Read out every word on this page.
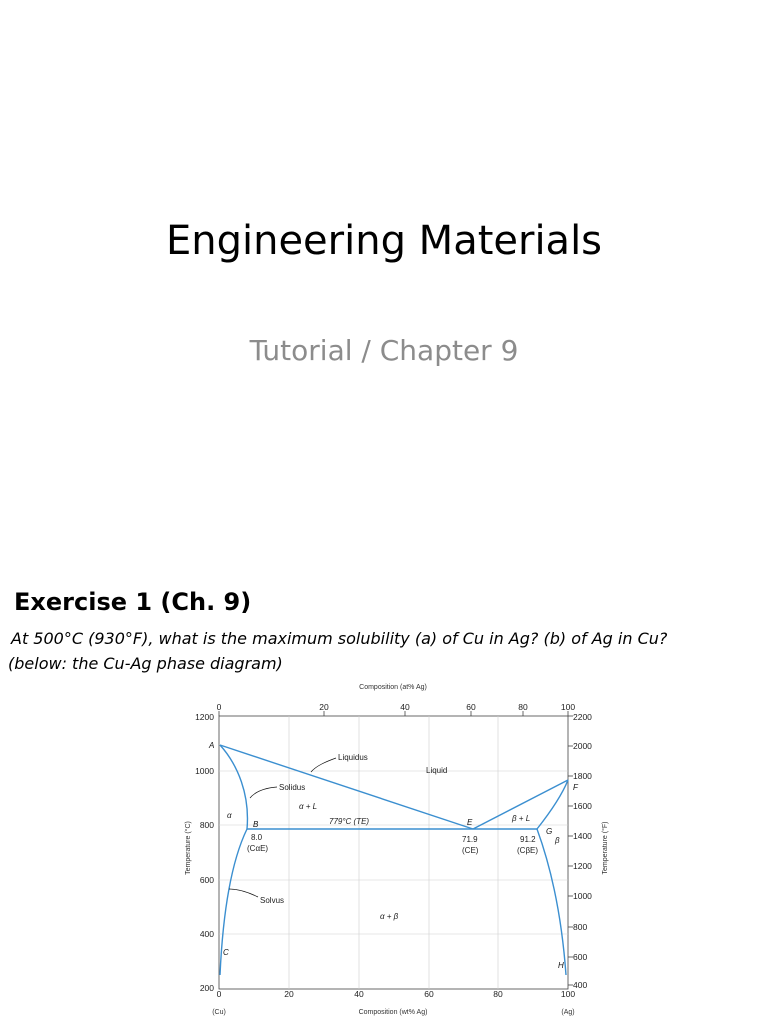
Engineering Materials
Tutorial / Chapter 9
Exercise 1 (Ch. 9)
At 500°C (930°F), what is the maximum solubility (a) of Cu in Ag? (b) of Ag in Cu?
(below: the Cu-Ag phase diagram)
Composition (at% Ag)
0	20	40	60	80	100
1200
1000
800
600
400
200
Temperature (°C)
2200
2000
1800
1600
1400
1200
1000
800
600
400
Temperature (°F)
0	20	40	60	80	100
(Cu)	Composition (wt% Ag)	(Ag)
Liquidus
Liquid
Solidus
α + L
779°C (TE)	β + L
α
β
α + β
Solvus
8.0
(CαE)
71.9
(CE)
91.2
(CβE)
A
B
C
E
F
G
H
